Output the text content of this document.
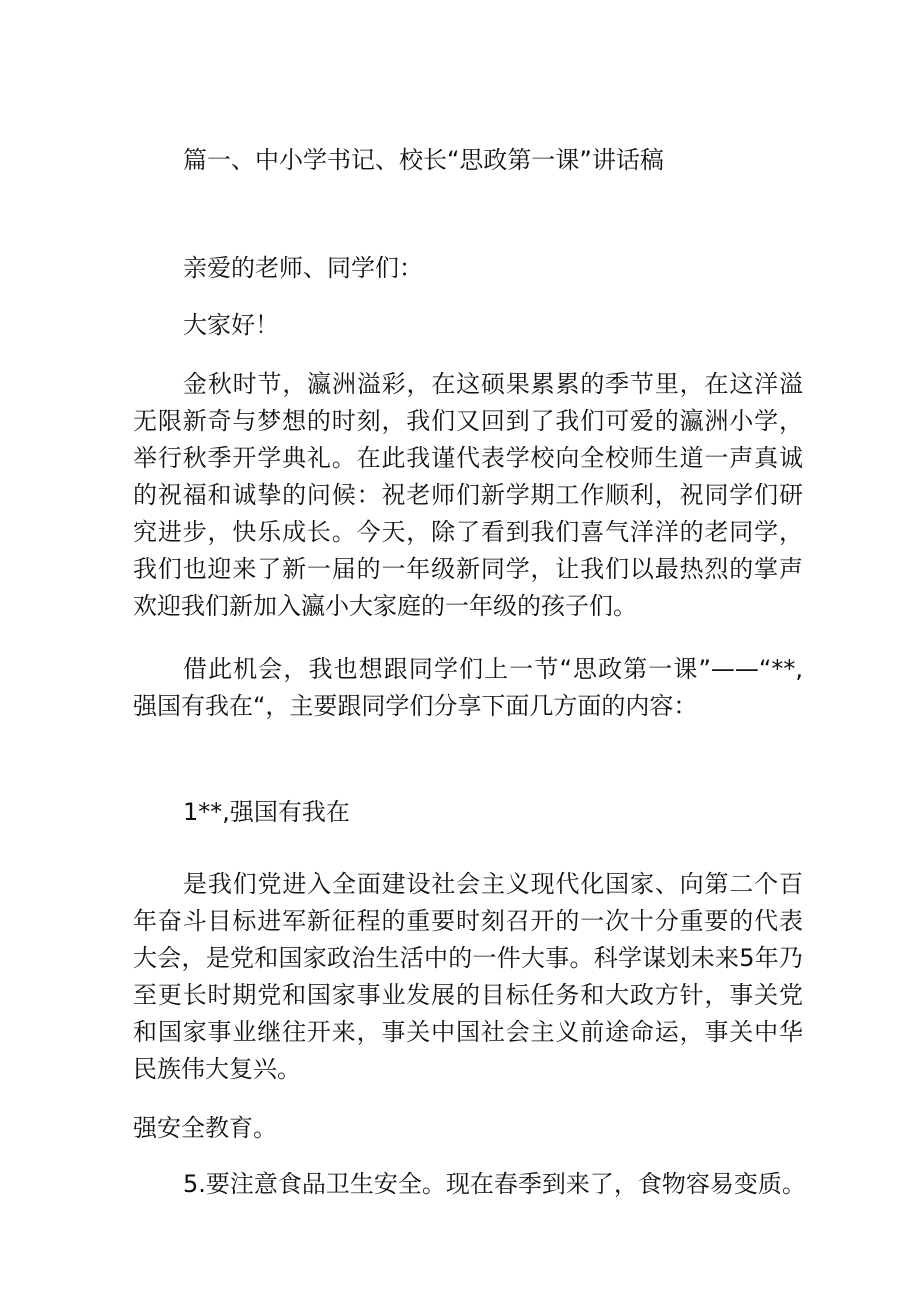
篇一、中小学书记、校长“思政第一课”讲话稿

亲爱的老师、同学们：

大家好！

金秋时节，瀛洲溢彩，在这硕果累累的季节里，在这洋溢无限新奇与梦想的时刻，我们又回到了我们可爱的瀛洲小学，举行秋季开学典礼。在此我谨代表学校向全校师生道一声真诚的祝福和诚挚的问候：祝老师们新学期工作顺利，祝同学们研究进步，快乐成长。今天，除了看到我们喜气洋洋的老同学，我们也迎来了新一届的一年级新同学，让我们以最热烈的掌声欢迎我们新加入瀛小大家庭的一年级的孩子们。

借此机会，我也想跟同学们上一节“思政第一课”——“**,强国有我在“，主要跟同学们分享下面几方面的内容：

1**,强国有我在

是我们党进入全面建设社会主义现代化国家、向第二个百年奋斗目标进军新征程的重要时刻召开的一次十分重要的代表大会，是党和国家政治生活中的一件大事。科学谋划未来5年乃至更长时期党和国家事业发展的目标任务和大政方针，事关党和国家事业继往开来，事关中国社会主义前途命运，事关中华民族伟大复兴。

强安全教育。

5.要注意食品卫生安全。现在春季到来了，食物容易变质。
